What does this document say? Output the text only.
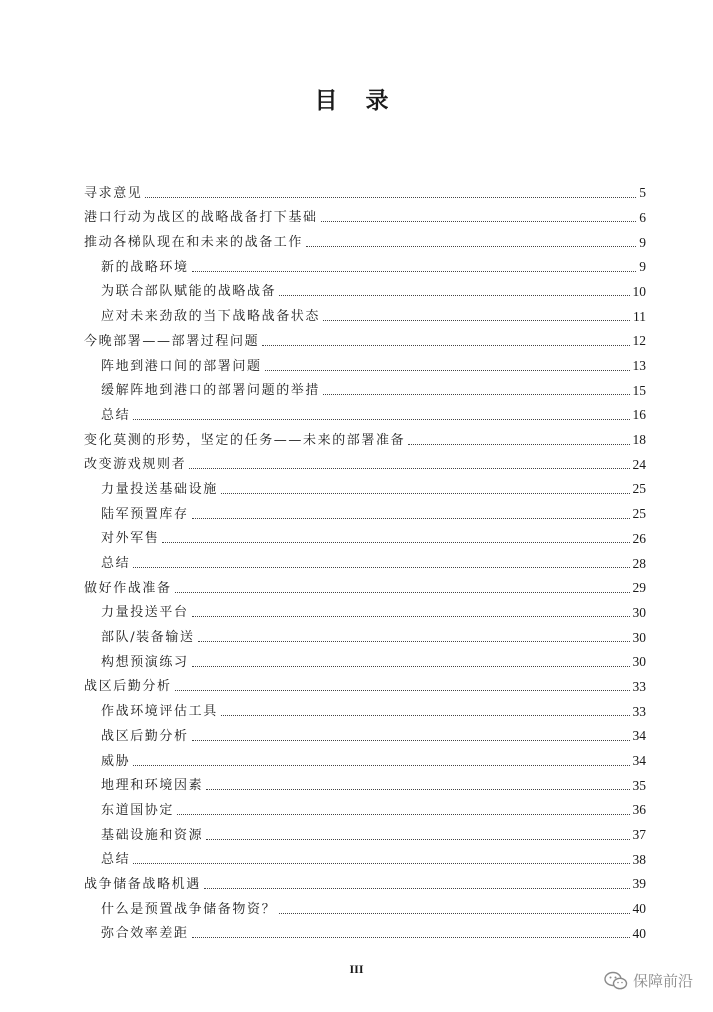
目 录
寻求意见	5
港口行动为战区的战略战备打下基础	6
推动各梯队现在和未来的战备工作	9
新的战略环境	9
为联合部队赋能的战略战备	10
应对未来劲敌的当下战略战备状态	11
今晚部署——部署过程问题	12
阵地到港口间的部署问题	13
缓解阵地到港口的部署问题的举措	15
总结	16
变化莫测的形势，坚定的任务——未来的部署准备	18
改变游戏规则者	24
力量投送基础设施	25
陆军预置库存	25
对外军售	26
总结	28
做好作战准备	29
力量投送平台	30
部队/装备输送	30
构想预演练习	30
战区后勤分析	33
作战环境评估工具	33
战区后勤分析	34
威胁	34
地理和环境因素	35
东道国协定	36
基础设施和资源	37
总结	38
战争储备战略机遇	39
什么是预置战争储备物资？	40
弥合效率差距	40
III
保障前沿
